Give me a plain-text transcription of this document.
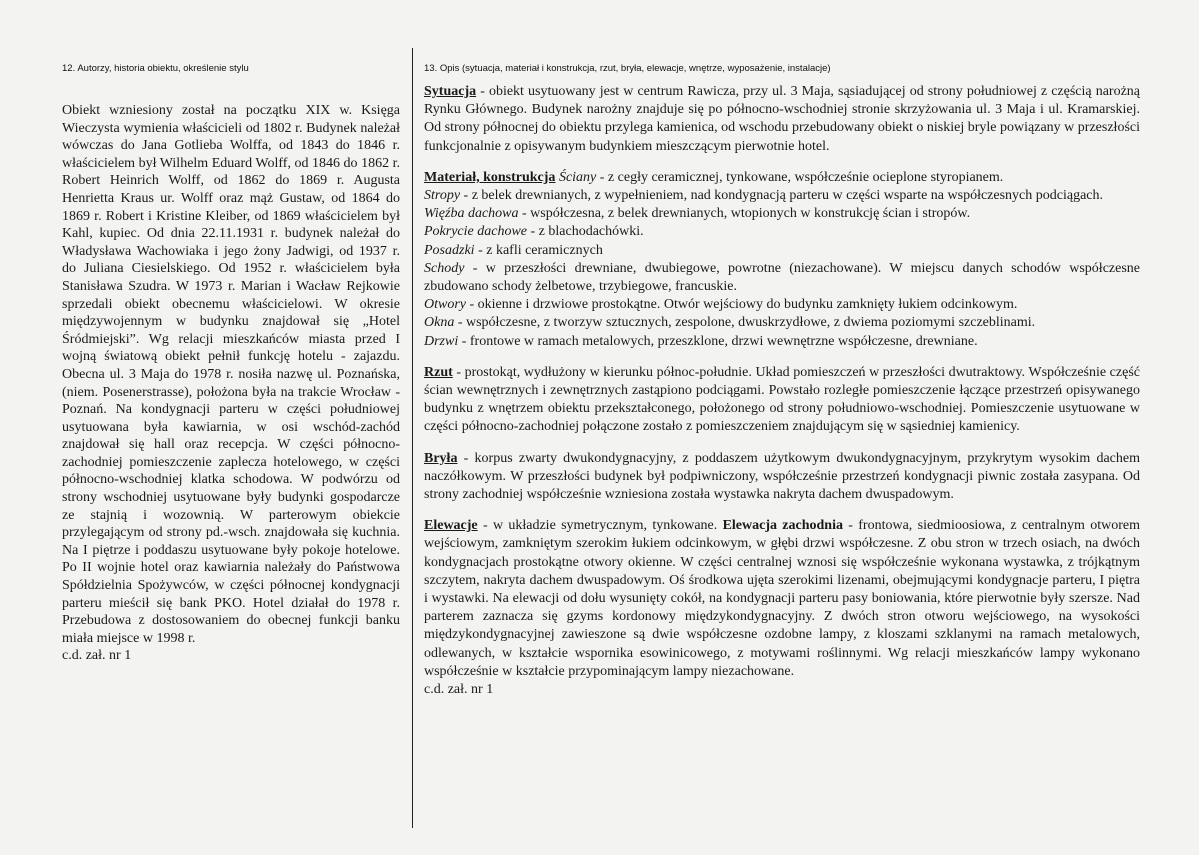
12. Autorzy, historia obiektu, określenie stylu	13. Opis (sytuacja, materiał i konstrukcja, rzut, bryła, elewacje, wnętrze, wyposażenie, instalacje)

Obiekt wzniesiony został na początku XIX w. Księga Wieczysta wymienia właścicieli od 1802 r. Budynek należał wówczas do Jana Gotlieba Wolffa, od 1843 do 1846 r. właścicielem był Wilhelm Eduard Wolff, od 1846 do 1862 r. Robert Heinrich Wolff, od 1862 do 1869 r. Augusta Henrietta Kraus ur. Wolff oraz mąż Gustaw, od 1864 do 1869 r. Robert i Kristine Kleiber, od 1869 właścicielem był Kahl, kupiec. Od dnia 22.11.1931 r. budynek należał do Władysława Wachowiaka i jego żony Jadwigi, od 1937 r. do Juliana Ciesielskiego. Od 1952 r. właścicielem była Stanisława Szudra. W 1973 r. Marian i Wacław Rejkowie sprzedali obiekt obecnemu właścicielowi. W okresie międzywojennym w budynku znajdował się „Hotel Śródmiejski”. Wg relacji mieszkańców miasta przed I wojną światową obiekt pełnił funkcję hotelu - zajazdu. Obecna ul. 3 Maja do 1978 r. nosiła nazwę ul. Poznańska, (niem. Posenerstrasse), położona była na trakcie Wrocław - Poznań. Na kondygnacji parteru w części południowej usytuowana była kawiarnia, w osi wschód-zachód znajdował się hall oraz recepcja. W części północno-zachodniej pomieszczenie zaplecza hotelowego, w części północno-wschodniej klatka schodowa. W podwórzu od strony wschodniej usytuowane były budynki gospodarcze ze stajnią i wozownią. W parterowym obiekcie przylegającym od strony pd.-wsch. znajdowała się kuchnia. Na I piętrze i poddaszu usytuowane były pokoje hotelowe. Po II wojnie hotel oraz kawiarnia należały do Państwowa Spółdzielnia Spożywców, w części północnej kondygnacji parteru mieścił się bank PKO. Hotel działał do 1978 r. Przebudowa z dostosowaniem do obecnej funkcji banku miała miejsce w 1998 r.

c.d. zał. nr 1

Sytuacja - obiekt usytuowany jest w centrum Rawicza, przy ul. 3 Maja, sąsiadującej od strony południowej z częścią narożną Rynku Głównego. Budynek narożny znajduje się po północno-wschodniej stronie skrzyżowania ul. 3 Maja i ul. Kramarskiej. Od strony północnej do obiektu przylega kamienica, od wschodu przebudowany obiekt o niskiej bryle powiązany w przeszłości funkcjonalnie z opisywanym budynkiem mieszczącym pierwotnie hotel.

Materiał, konstrukcja Ściany - z cegły ceramicznej, tynkowane, współcześnie ocieplone styropianem.

Stropy - z belek drewnianych, z wypełnieniem, nad kondygnacją parteru w części wsparte na współczesnych podciągach.

Więźba dachowa - współczesna, z belek drewnianych, wtopionych w konstrukcję ścian i stropów.

Pokrycie dachowe - z blachodachówki.

Posadzki - z kafli ceramicznych

Schody - w przeszłości drewniane, dwubiegowe, powrotne (niezachowane). W miejscu danych schodów współczesne zbudowano schody żelbetowe, trzybiegowe, francuskie.

Otwory - okienne i drzwiowe prostokątne. Otwór wejściowy do budynku zamknięty łukiem odcinkowym.

Okna - współczesne, z tworzyw sztucznych, zespolone, dwuskrzydłowe, z dwiema poziomymi szczeblinami.

Drzwi - frontowe w ramach metalowych, przeszklone, drzwi wewnętrzne współczesne, drewniane.

Rzut - prostokąt, wydłużony w kierunku północ-południe. Układ pomieszczeń w przeszłości dwutraktowy. Współcześnie część ścian wewnętrznych i zewnętrznych zastąpiono podciągami. Powstało rozległe pomieszczenie łączące przestrzeń opisywanego budynku z wnętrzem obiektu przekształconego, położonego od strony południowo-wschodniej. Pomieszczenie usytuowane w części północno-zachodniej połączone zostało z pomieszczeniem znajdującym się w sąsiedniej kamienicy.
Bryła - korpus zwarty dwukondygnacyjny, z poddaszem użytkowym dwukondygnacyjnym, przykrytym wysokim dachem naczółkowym. W przeszłości budynek był podpiwniczony, współcześnie przestrzeń kondygnacji piwnic została zasypana. Od strony zachodniej współcześnie wzniesiona została wystawka nakryta dachem dwuspadowym.

Elewacje - w układzie symetrycznym, tynkowane. Elewacja zachodnia - frontowa, siedmioosiowa, z centralnym otworem wejściowym, zamkniętym szerokim łukiem odcinkowym, w głębi drzwi współczesne. Z obu stron w trzech osiach, na dwóch kondygnacjach prostokątne otwory okienne. W części centralnej wznosi się współcześnie wykonana wystawka, z trójkątnym szczytem, nakryta dachem dwuspadowym. Oś środkowa ujęta szerokimi lizenami, obejmującymi kondygnacje parteru, I piętra i wystawki. Na elewacji od dołu wysunięty cokół, na kondygnacji parteru pasy boniowania, które pierwotnie były szersze. Nad parterem zaznacza się gzyms kordonowy międzykondygnacyjny. Z dwóch stron otworu wejściowego, na wysokości międzykondygnacyjnej zawieszone są dwie współczesne ozdobne lampy, z kloszami szklanymi na ramach metalowych, odlewanych, w kształcie wspornika esowinicowego, z motywami roślinnymi. Wg relacji mieszkańców lampy wykonano współcześnie w kształcie przypominającym lampy niezachowane.

c.d. zał. nr 1
